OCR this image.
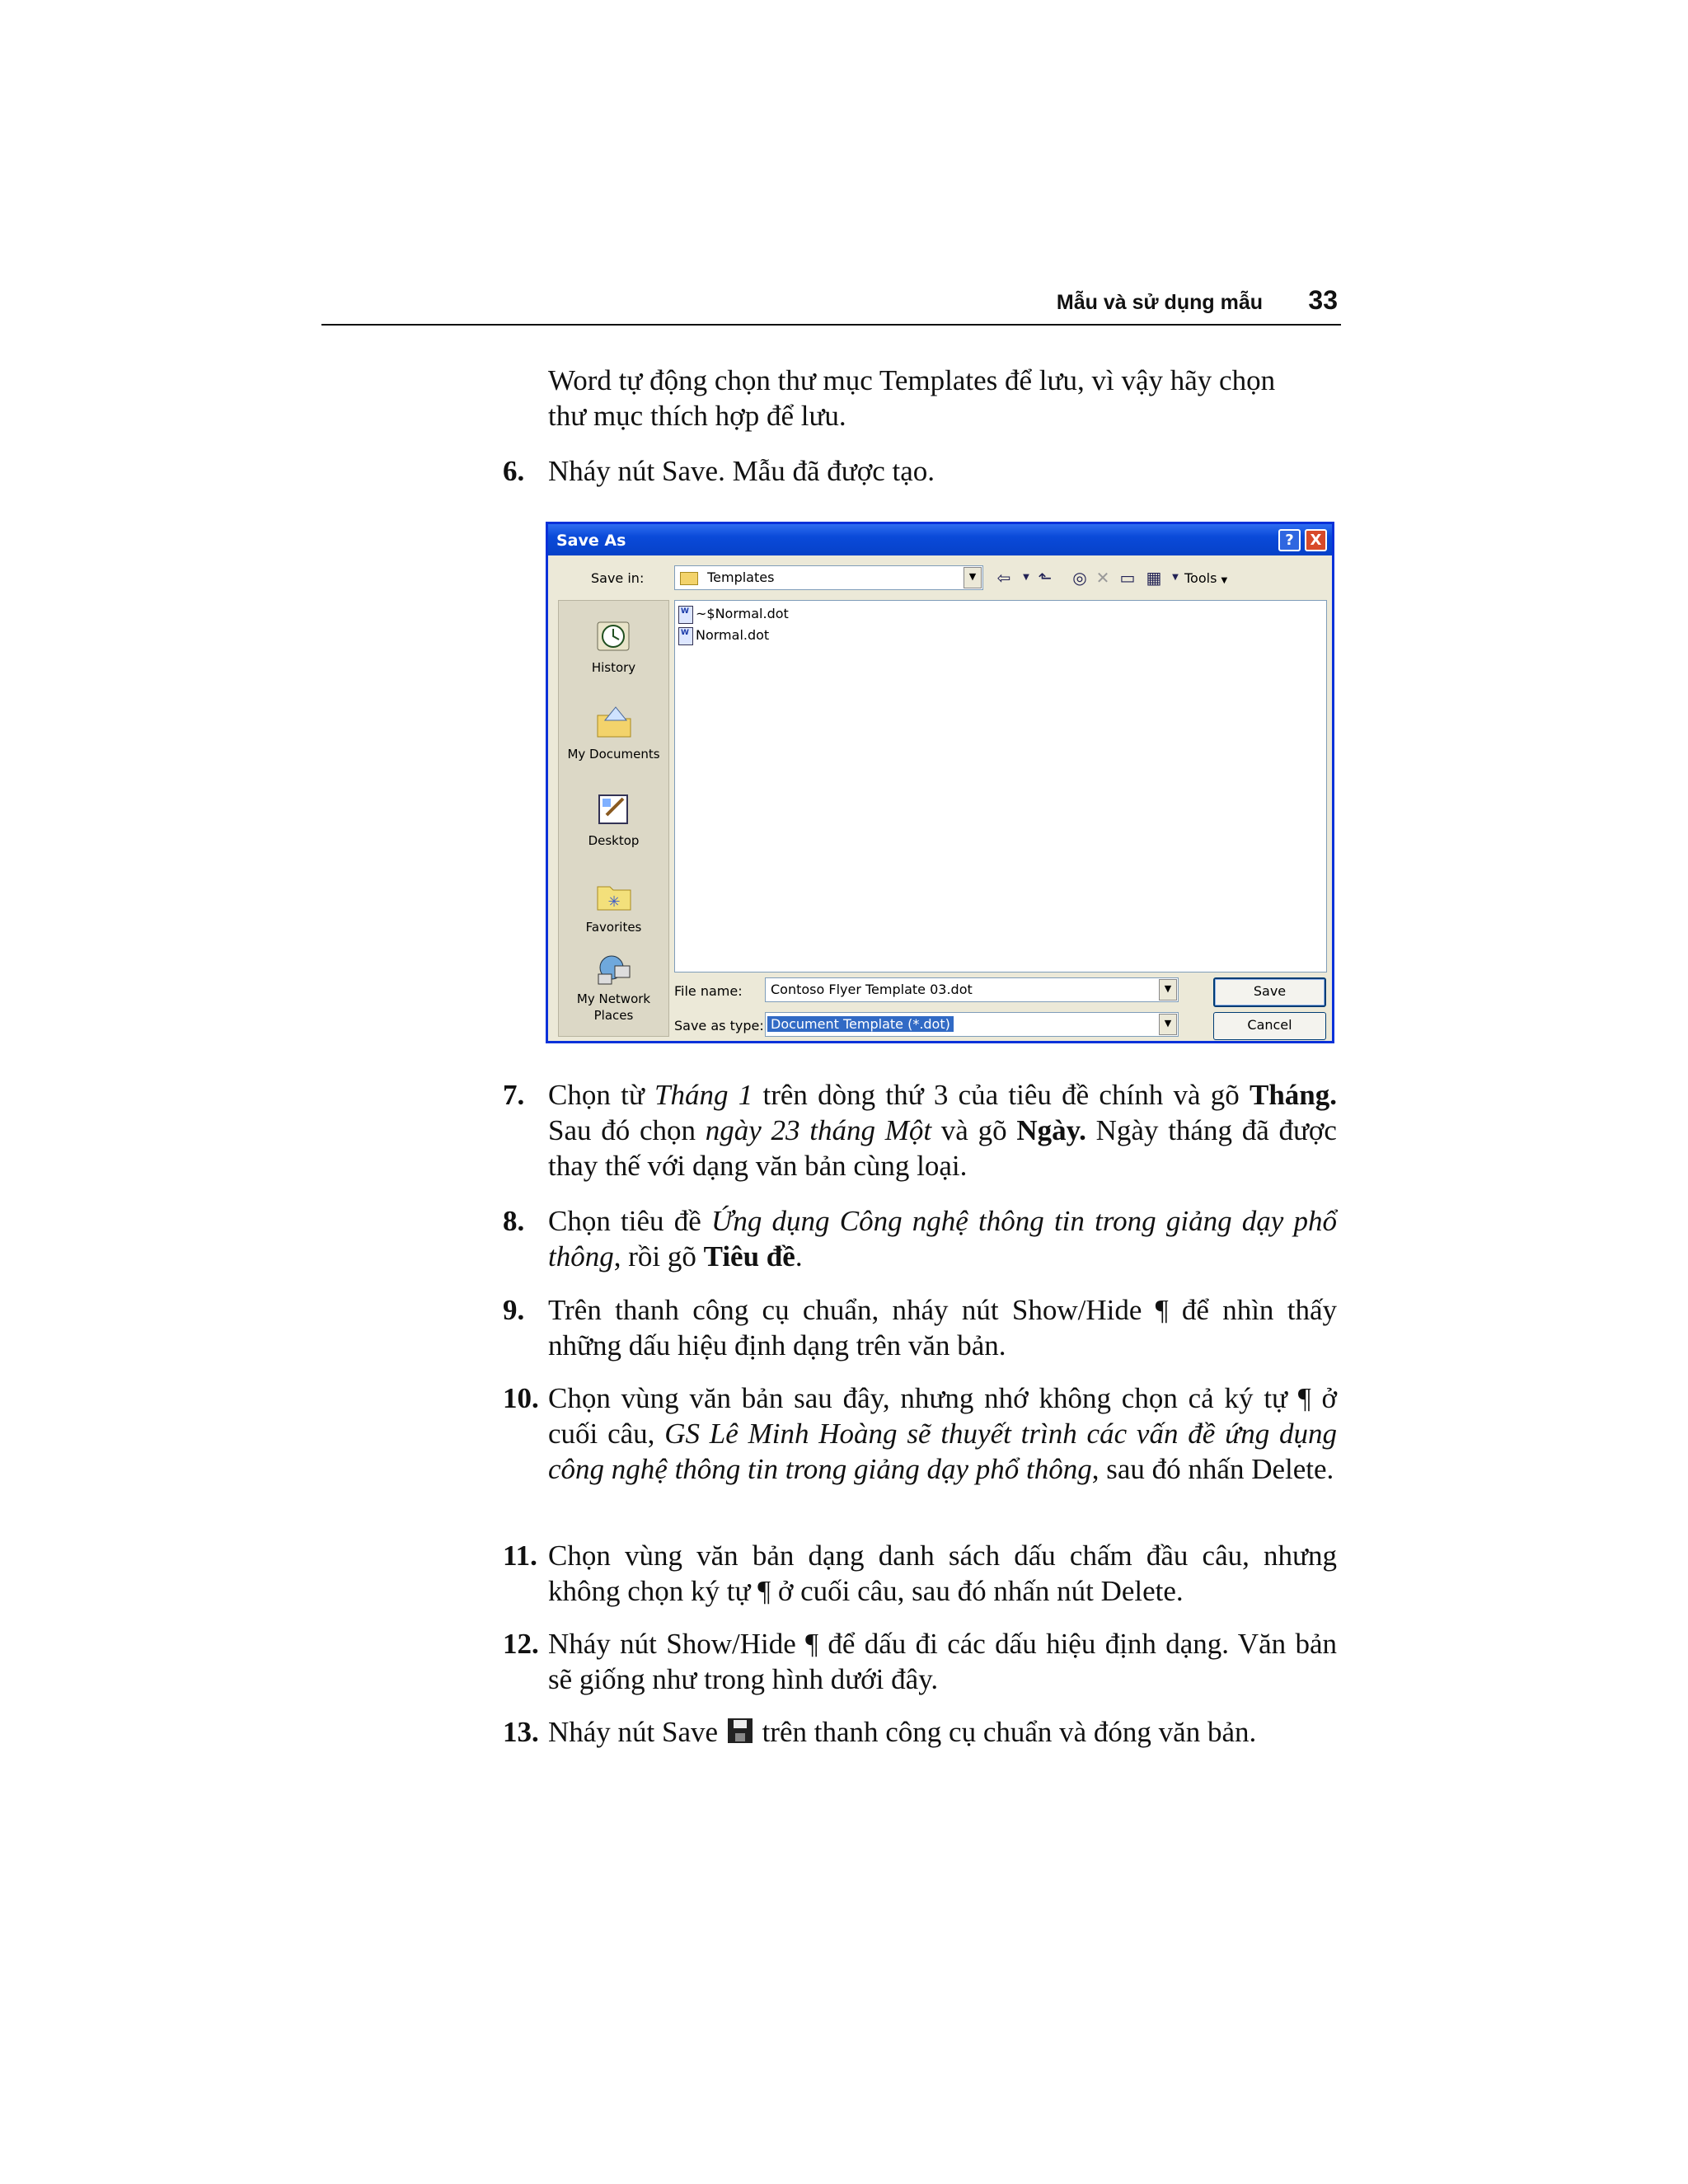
Mẫu và sử dụng mẫu 33
Word tự động chọn thư mục Templates để lưu, vì vậy hãy chọn
thư mục thích hợp để lưu.
6. Nháy nút Save. Mẫu đã được tạo.
Save As	?	X
Save in:	Templates	▼	⇦	▼ ⬑ ◎ ✕ ▭ ▦	▼ Tools ▼
History
My Documents
Desktop
✳
Favorites
My Network Places
W~$Normal.dot
WNormal.dot
File name:	Contoso Flyer Template 03.dot	▼
Save as type: Document Template (*.dot)	▼
Save
Cancel
7. Chọn từ Tháng 1 trên dòng thứ 3 của tiêu đề chính và gõ Tháng. Sau đó chọn ngày 23 tháng Một và gõ Ngày. Ngày tháng đã được thay thế với dạng văn bản cùng loại.
8. Chọn tiêu đề Ứng dụng Công nghệ thông tin trong giảng dạy phổ thông, rồi gõ Tiêu đề.
9. Trên thanh công cụ chuẩn, nháy nút Show/Hide ¶ để nhìn thấy những dấu hiệu định dạng trên văn bản.
10. Chọn vùng văn bản sau đây, nhưng nhớ không chọn cả ký tự ¶ ở cuối câu, GS Lê Minh Hoàng sẽ thuyết trình các vấn đề ứng dụng công nghệ thông tin trong giảng dạy phổ thông, sau đó nhấn Delete.
11. Chọn vùng văn bản dạng danh sách dấu chấm đầu câu, nhưng không chọn ký tự ¶ ở cuối câu, sau đó nhấn nút Delete.
12. Nháy nút Show/Hide ¶ để dấu đi các dấu hiệu định dạng. Văn bản sẽ giống như trong hình dưới đây.
13. Nháy nút Save  trên thanh công cụ chuẩn và đóng văn bản.
